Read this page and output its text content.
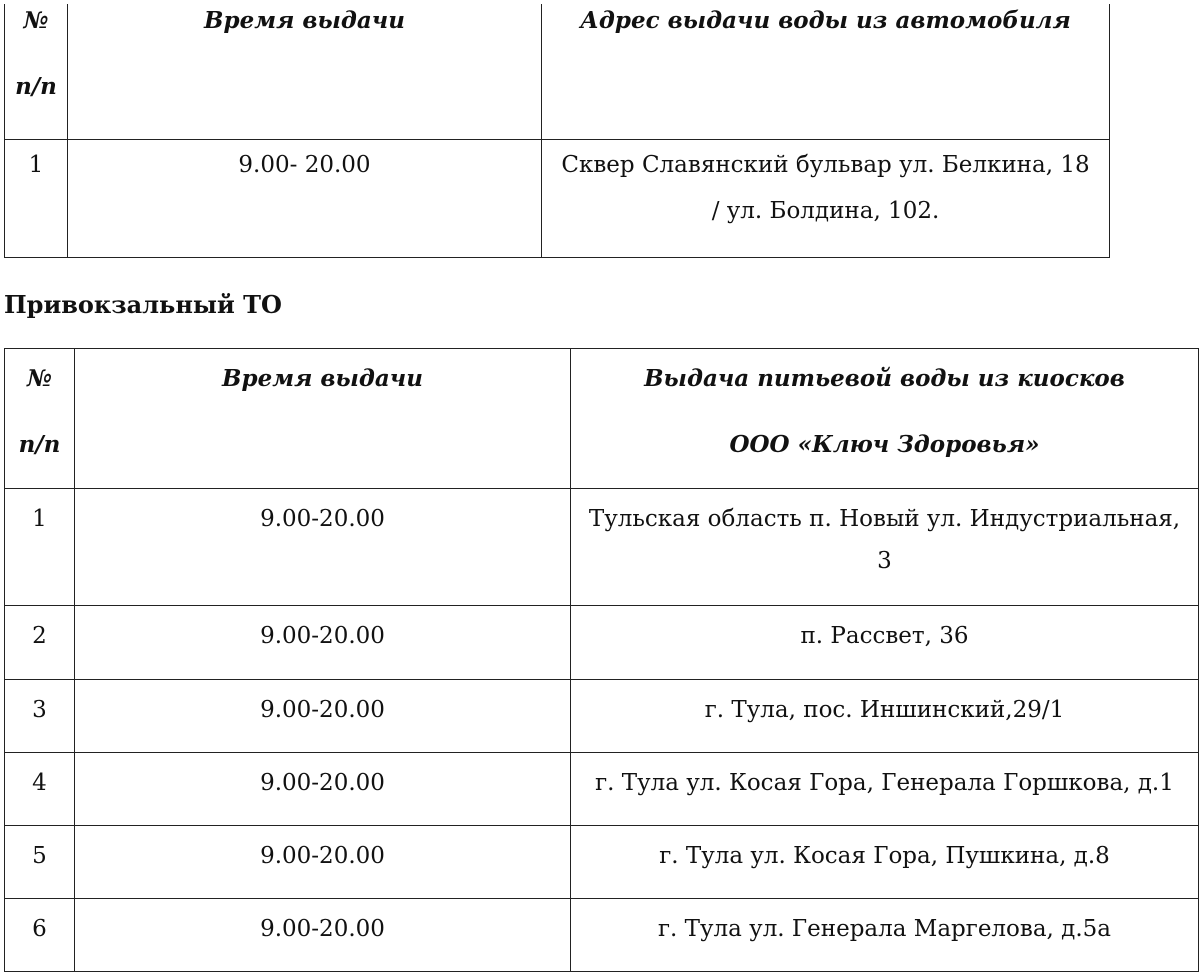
№
п/п	Время выдачи	Адрес выдачи воды из автомобиля
1	9.00- 20.00	Сквер Славянский бульвар ул. Белкина, 18
/ ул. Болдина, 102.
Привокзальный ТО
№
п/п	Время выдачи	Выдача питьевой воды из киосков
ООО «Ключ Здоровья»

1	9.00-20.00	Тульская область п. Новый ул. Индустриальная,
3

2	9.00-20.00	п. Рассвет, 36
3	9.00-20.00	г. Тула, пос. Иншинский,29/1
4	9.00-20.00	г. Тула ул. Косая Гора, Генерала Горшкова, д.1
5	9.00-20.00	г. Тула ул. Косая Гора, Пушкина, д.8
6	9.00-20.00	г. Тула ул. Генерала Маргелова, д.5а
